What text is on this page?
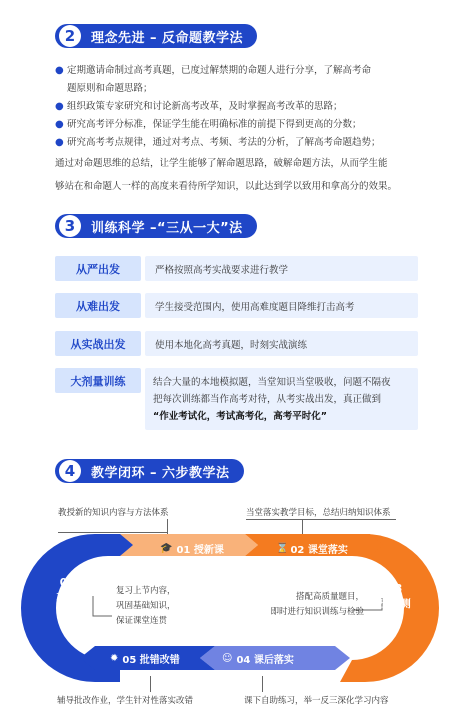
2	理念先进 – 反命题教学法
● 定期邀请命制过高考真题，已度过解禁期的命题人进行分享，了解高考命
题原则和命题思路；
● 组织政策专家研究和讨论新高考改革，及时掌握高考改革的思路；
● 研究高考评分标准，保证学生能在明确标准的前提下得到更高的分数；
● 研究高考考点规律，通过对考点、考频、考法的分析，了解高考命题趋势；
通过对命题思维的总结，让学生能够了解命题思路，破解命题方法，从而学生能
够站在和命题人一样的高度来看待所学知识，以此达到学以致用和拿高分的效果。
3	训练科学 –“三从一大”法
从严出发	严格按照高考实战要求进行教学
从难出发	学生接受范围内，使用高难度题目降维打击高考
从实战出发	使用本地化高考真题，时刻实战演练
大剂量训练	结合大量的本地模拟题，当堂知识当堂吸收，问题不隔夜
把每次训练都当作高考对待，从考实战出发，真正做到
“作业考试化，考试高考化，高考平时化”
4	教学闭环 – 六步教学法
教授新的知识内容与方法体系	当堂落实教学目标，总结归纳知识体系
辅导批改作业，学生针对性落实改错	课下自助练习，举一反三深化学习内容
🎓 01 授新课	⌛ 02 课堂落实
☺ 04 课后落实
✹ 05 批错改错
06
巩固
复习
▲
03
出门测
▤
复习上节内容，
巩固基础知识，
保证课堂连贯
搭配高质量题目，
即时进行知识训练与检验
